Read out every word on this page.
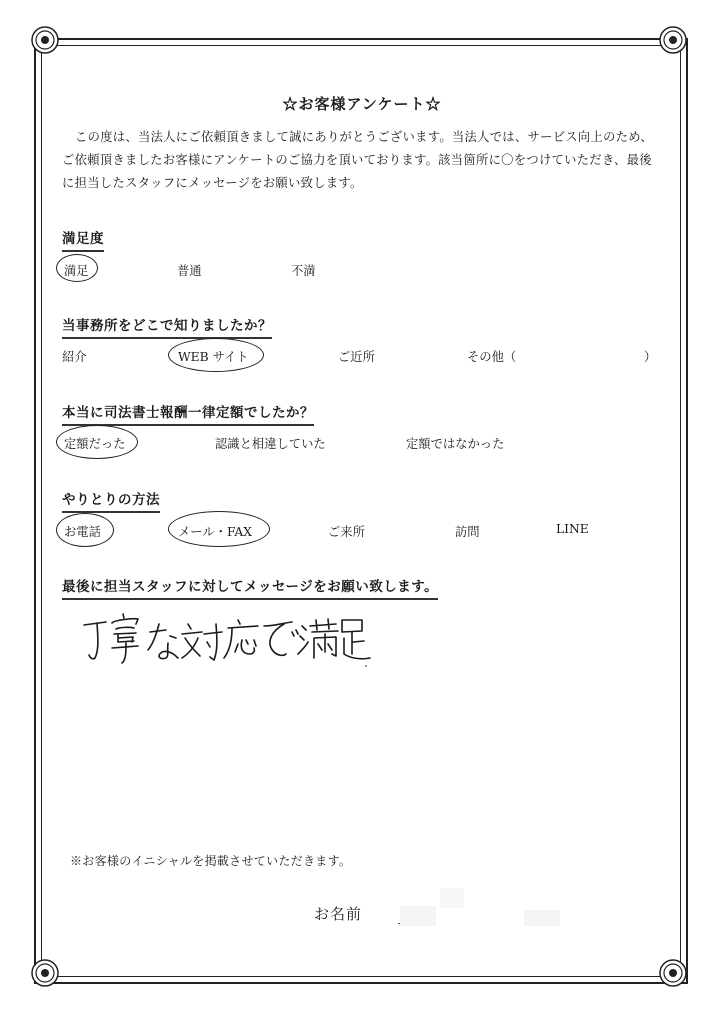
☆お客様アンケート☆
この度は、当法人にご依頼頂きまして誠にありがとうございます。当法人では、サービス向上のため、ご依頼頂きましたお客様にアンケートのご協力を頂いております。該当箇所に〇をつけていただき、最後に担当したスタッフにメッセージをお願い致します。
満足度
満足	普通	不満
当事務所をどこで知りましたか？
紹介	WEB サイト	ご近所	その他（	）
本当に司法書士報酬一律定額でしたか？
定額だった	認識と相違していた	定額ではなかった
やりとりの方法
お電話	メール・FAX	ご来所	訪問	LINE
最後に担当スタッフに対してメッセージをお願い致します。
※お客様のイニシャルを掲載させていただきます。
お名前
